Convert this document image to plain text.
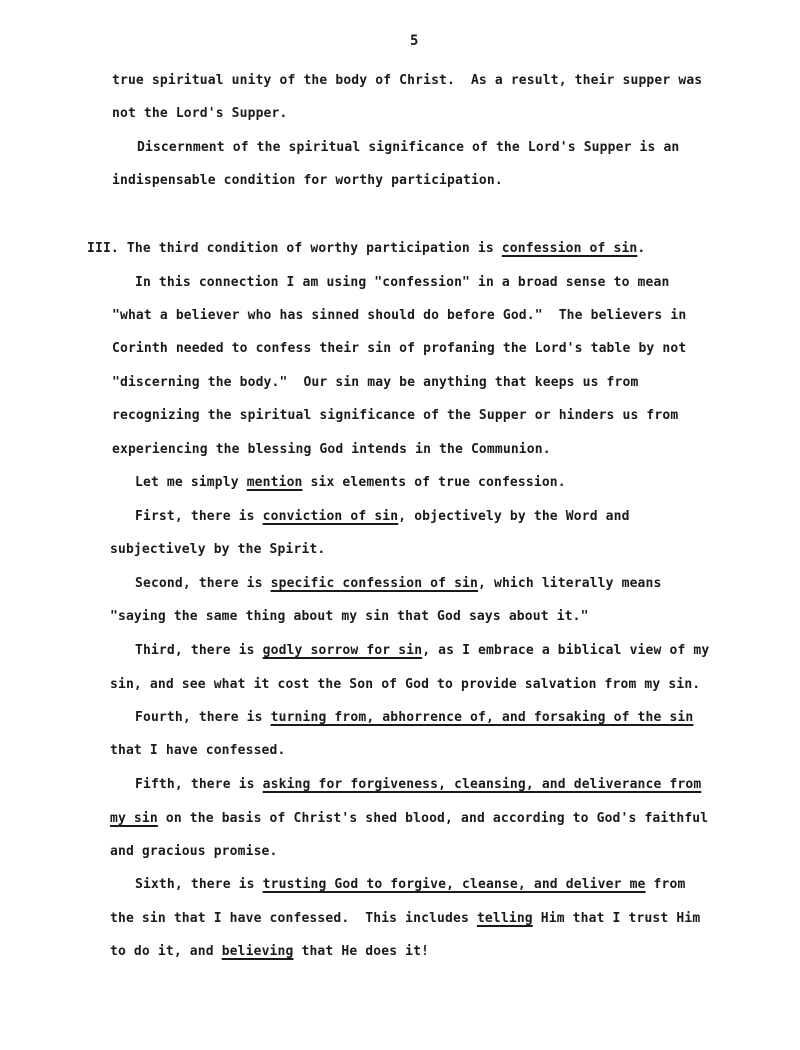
5
true spiritual unity of the body of Christ.  As a result, their supper was
not the Lord's Supper.
Discernment of the spiritual significance of the Lord's Supper is an
indispensable condition for worthy participation.
III. The third condition of worthy participation is confession of sin.
In this connection I am using "confession" in a broad sense to mean
"what a believer who has sinned should do before God."  The believers in
Corinth needed to confess their sin of profaning the Lord's table by not
"discerning the body."  Our sin may be anything that keeps us from
recognizing the spiritual significance of the Supper or hinders us from
experiencing the blessing God intends in the Communion.
Let me simply mention six elements of true confession.
First, there is conviction of sin, objectively by the Word and
subjectively by the Spirit.
Second, there is specific confession of sin, which literally means
"saying the same thing about my sin that God says about it."
Third, there is godly sorrow for sin, as I embrace a biblical view of my
sin, and see what it cost the Son of God to provide salvation from my sin.
Fourth, there is turning from, abhorrence of, and forsaking of the sin
that I have confessed.
Fifth, there is asking for forgiveness, cleansing, and deliverance from
my sin on the basis of Christ's shed blood, and according to God's faithful
and gracious promise.
Sixth, there is trusting God to forgive, cleanse, and deliver me from
the sin that I have confessed.  This includes telling Him that I trust Him
to do it, and believing that He does it!
